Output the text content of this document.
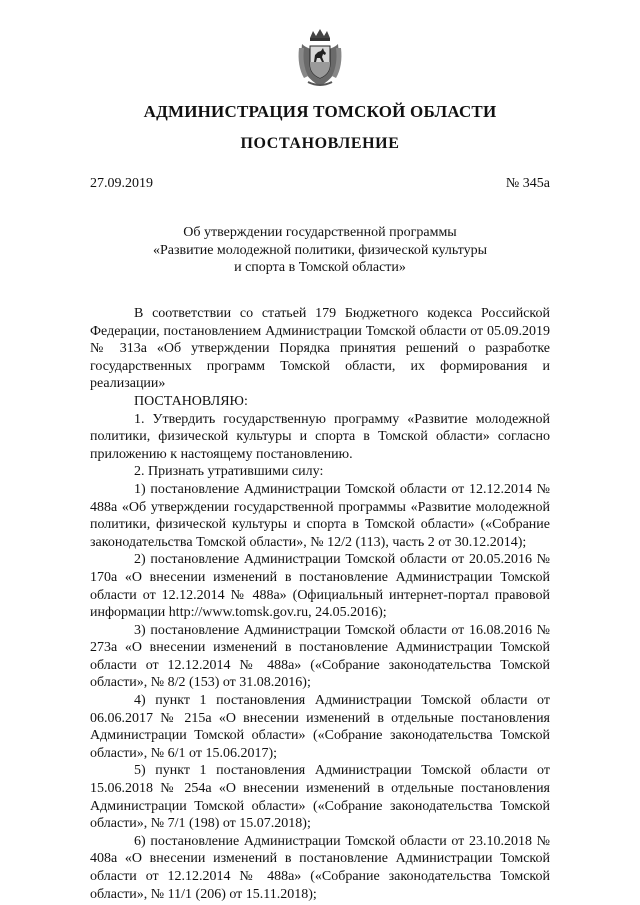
АДМИНИСТРАЦИЯ ТОМСКОЙ ОБЛАСТИ
ПОСТАНОВЛЕНИЕ
27.09.2019	№ 345а
Об утверждении государственной программы
«Развитие молодежной политики, физической культуры
и спорта в Томской области»

В соответствии со статьей 179 Бюджетного кодекса Российской Федерации, постановлением Администрации Томской области от 05.09.2019 № 313а «Об утверждении Порядка принятия решений о разработке государственных программ Томской области, их формирования и реализации»

ПОСТАНОВЛЯЮ:

1. Утвердить государственную программу «Развитие молодежной политики, физической культуры и спорта в Томской области» согласно приложению к настоящему постановлению.

2. Признать утратившими силу:

1) постановление Администрации Томской области от 12.12.2014 № 488а «Об утверждении государственной программы «Развитие молодежной политики, физической культуры и спорта в Томской области» («Собрание законодательства Томской области», № 12/2 (113), часть 2 от 30.12.2014);

2) постановление Администрации Томской области от 20.05.2016 № 170а «О внесении изменений в постановление Администрации Томской области от 12.12.2014 № 488а» (Официальный интернет-портал правовой информации http://www.tomsk.gov.ru, 24.05.2016);

3) постановление Администрации Томской области от 16.08.2016 № 273а «О внесении изменений в постановление Администрации Томской области от 12.12.2014 № 488а» («Собрание законодательства Томской области», № 8/2 (153) от 31.08.2016);

4) пункт 1 постановления Администрации Томской области от 06.06.2017 № 215а «О внесении изменений в отдельные постановления Администрации Томской области» («Собрание законодательства Томской области», № 6/1 от 15.06.2017);

5) пункт 1 постановления Администрации Томской области от 15.06.2018 № 254а «О внесении изменений в отдельные постановления Администрации Томской области» («Собрание законодательства Томской области», № 7/1 (198) от 15.07.2018);

6) постановление Администрации Томской области от 23.10.2018 № 408а «О внесении изменений в постановление Администрации Томской области от 12.12.2014 № 488а» («Собрание законодательства Томской области», № 11/1 (206) от 15.11.2018);
